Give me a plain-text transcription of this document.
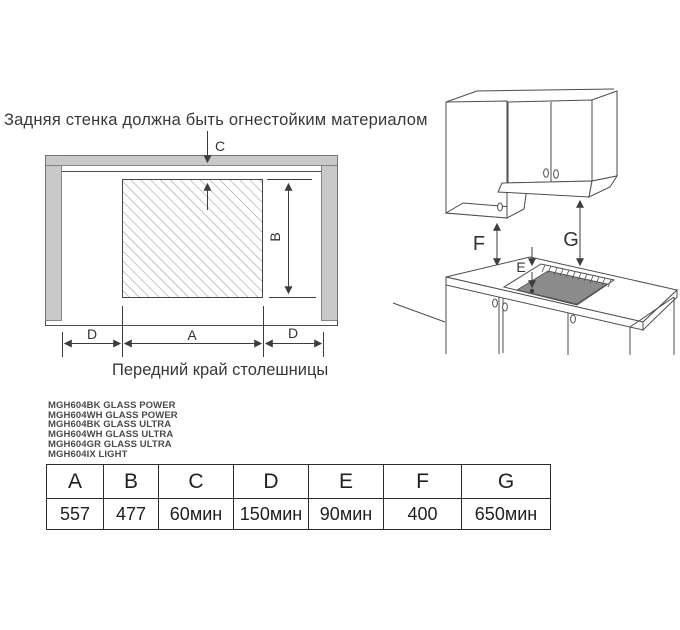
C
B
D	A	D
F	G
E
Задняя стенка должна быть огнестойким материалом
Передний край столешницы
MGH604BK GLASS POWER
MGH604WH GLASS POWER
MGH604BK GLASS ULTRA
MGH604WH GLASS ULTRA
MGH604GR GLASS ULTRA
MGH604IX LIGHT
A	B	C	D	E	F	G
557	477	60мин	150мин	90мин	400	650мин
